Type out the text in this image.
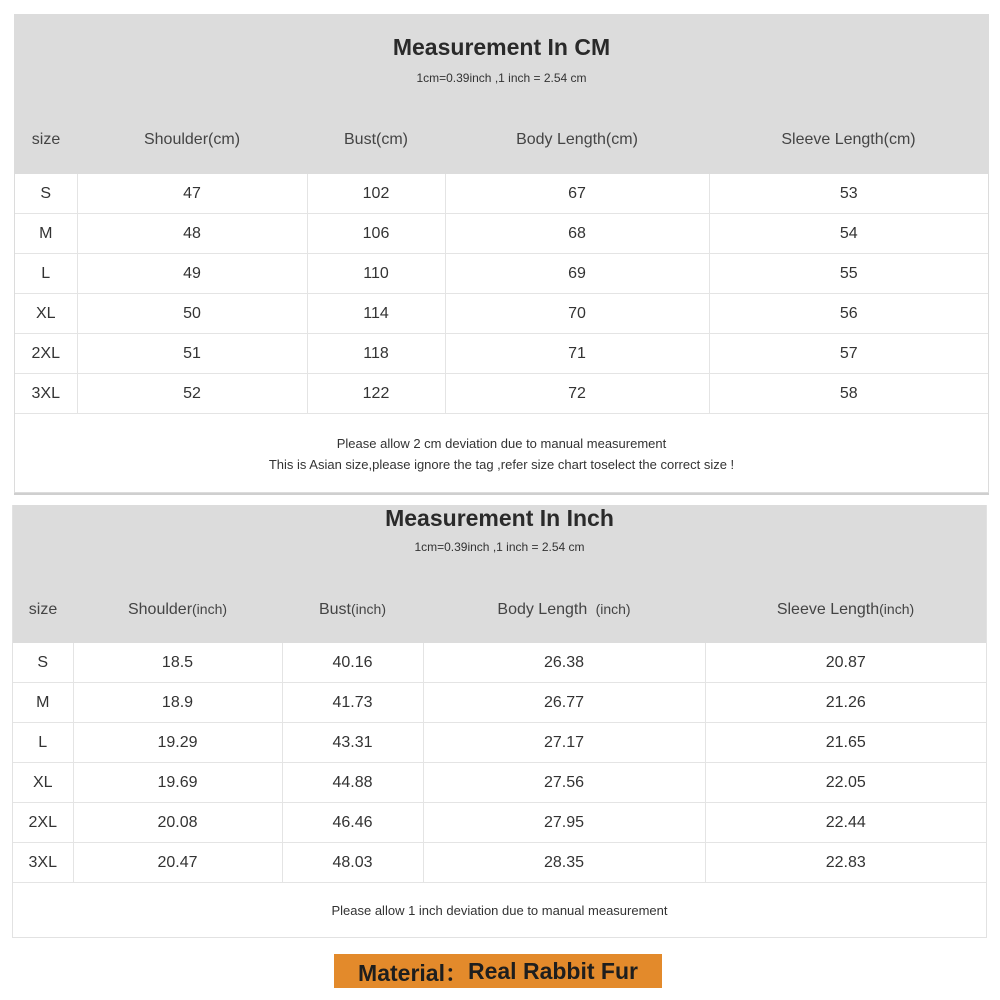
Measurement In CM
1cm=0.39inch ,1 inch = 2.54 cm
size	Shoulder(cm)	Bust(cm)	Body Length(cm)	Sleeve Length(cm)
S	47	102	67	53
M	48	106	68	54
L	49	110	69	55
XL	50	114	70	56
2XL	51	118	71	57
3XL	52	122	72	58
Please allow 2 cm deviation due to manual measurement
This is Asian size,please ignore the tag ,refer size chart toselect the correct size !
Measurement In Inch
1cm=0.39inch ,1 inch = 2.54 cm
size	Shoulder(inch)	Bust(inch)	Body Length  (inch)	Sleeve Length(inch)
S	18.5	40.16	26.38	20.87
M	18.9	41.73	26.77	21.26
L	19.29	43.31	27.17	21.65
XL	19.69	44.88	27.56	22.05
2XL	20.08	46.46	27.95	22.44
3XL	20.47	48.03	28.35	22.83
Please allow 1 inch deviation due to manual measurement
Material： Real Rabbit Fur
